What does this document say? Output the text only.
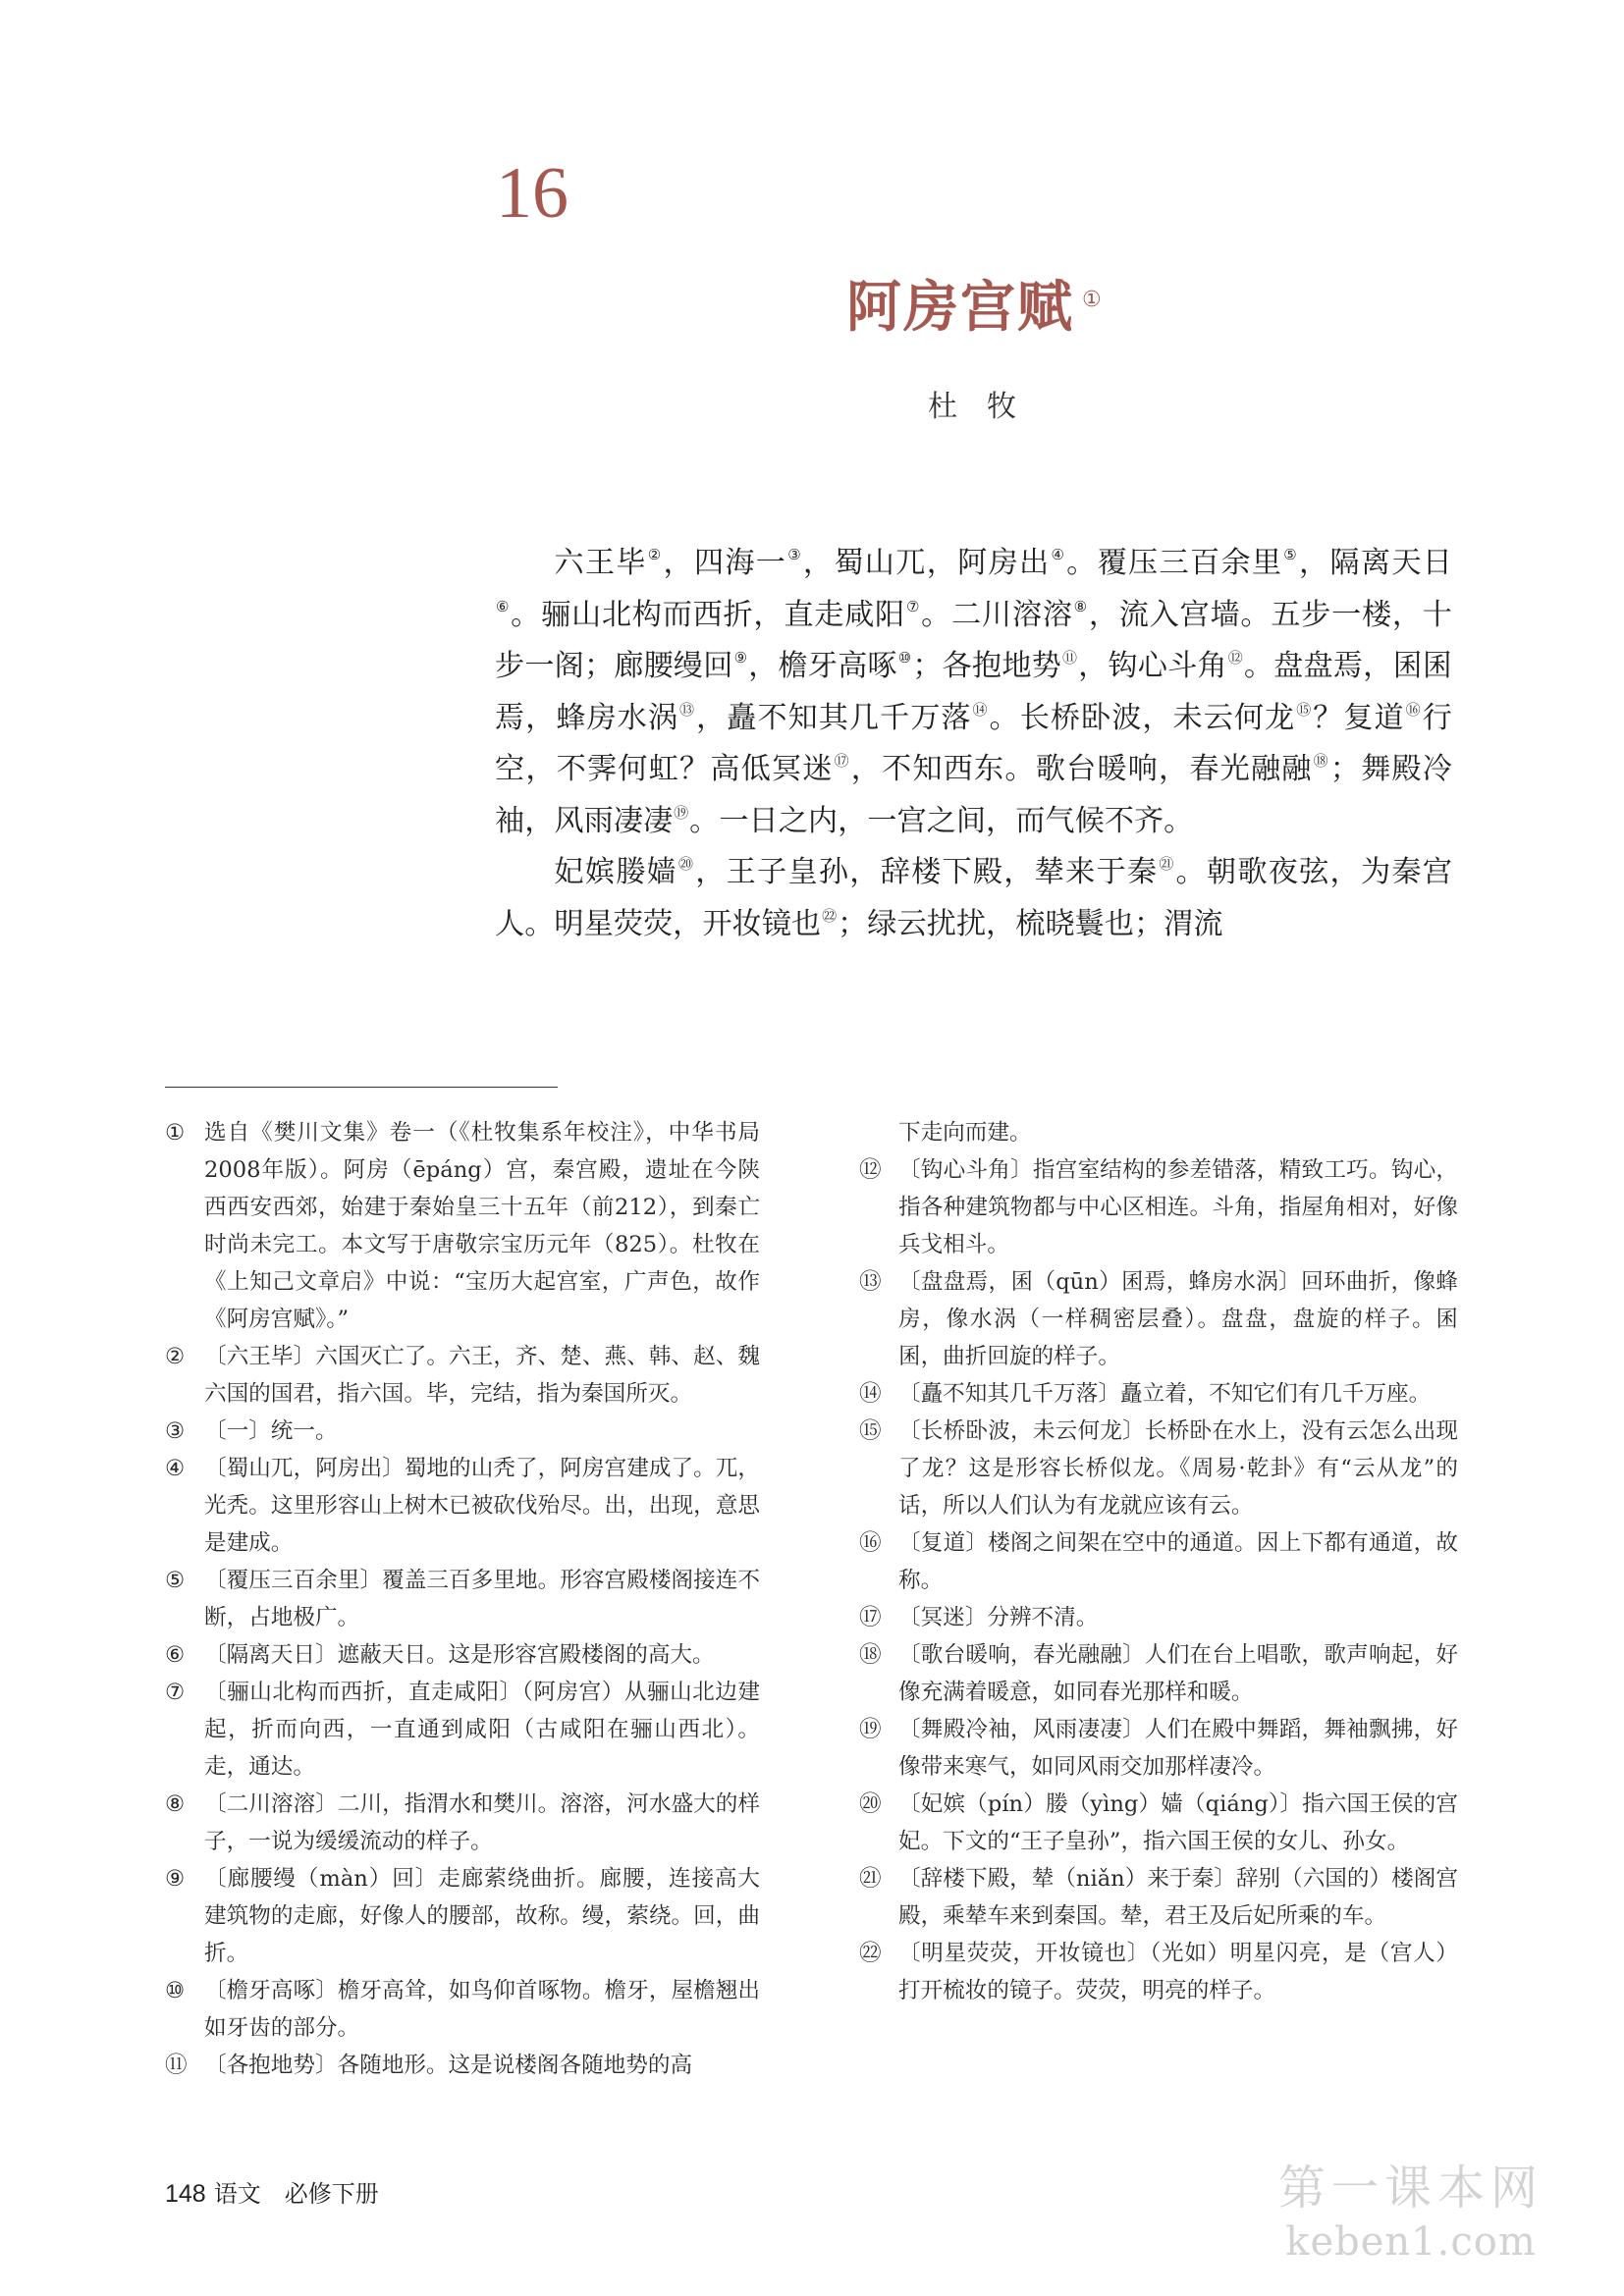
16
阿房宫赋 ①
杜 牧

六王毕②，四海一③，蜀山兀，阿房出④。覆压三百余里⑤，隔离天日⑥。骊山北构而西折，直走咸阳⑦。二川溶溶⑧，流入宫墙。五步一楼，十步一阁；廊腰缦回⑨，檐牙高啄⑩；各抱地势⑪，钩心斗角⑫。盘盘焉，囷囷焉，蜂房水涡⑬，矗不知其几千万落⑭。长桥卧波，未云何龙⑮？复道⑯行空，不霁何虹？高低冥迷⑰，不知西东。歌台暖响，春光融融⑱；舞殿冷袖，风雨凄凄⑲。一日之内，一宫之间，而气候不齐。

妃嫔媵嫱⑳，王子皇孙，辞楼下殿，辇来于秦$^㉑$。朝歌夜弦，为秦宫人。明星荧荧，开妆镜也$^㉒$；绿云扰扰，梳晓鬟也；渭流

① 选自《樊川文集》卷一（《杜牧集系年校注》，中华书局2008年版）。阿房（ēpáng）宫，秦宫殿，遗址在今陕西西安西郊，始建于秦始皇三十五年（前212），到秦亡时尚未完工。本文写于唐敬宗宝历元年（825）。杜牧在《上知己文章启》中说：“宝历大起宫室，广声色，故作《阿房宫赋》。”
② 〔六王毕〕六国灭亡了。六王，齐、楚、燕、韩、赵、魏六国的国君，指六国。毕，完结，指为秦国所灭。
③ 〔一〕统一。
④ 〔蜀山兀，阿房出〕蜀地的山秃了，阿房宫建成了。兀，光秃。这里形容山上树木已被砍伐殆尽。出，出现，意思是建成。
⑤ 〔覆压三百余里〕覆盖三百多里地。形容宫殿楼阁接连不断，占地极广。
⑥ 〔隔离天日〕遮蔽天日。这是形容宫殿楼阁的高大。
⑦ 〔骊山北构而西折，直走咸阳〕（阿房宫）从骊山北边建起，折而向西，一直通到咸阳（古咸阳在骊山西北）。走，通达。
⑧ 〔二川溶溶〕二川，指渭水和樊川。溶溶，河水盛大的样子，一说为缓缓流动的样子。
⑨ 〔廊腰缦（màn）回〕走廊萦绕曲折。廊腰，连接高大建筑物的走廊，好像人的腰部，故称。缦，萦绕。回，曲折。
⑩ 〔檐牙高啄〕檐牙高耸，如鸟仰首啄物。檐牙，屋檐翘出如牙齿的部分。
⑪ 〔各抱地势〕各随地形。这是说楼阁各随地势的高
下走向而建。
⑫ 〔钩心斗角〕指宫室结构的参差错落，精致工巧。钩心，指各种建筑物都与中心区相连。斗角，指屋角相对，好像兵戈相斗。
⑬ 〔盘盘焉，囷（qūn）囷焉，蜂房水涡〕回环曲折，像蜂房，像水涡（一样稠密层叠）。盘盘，盘旋的样子。囷囷，曲折回旋的样子。
⑭ 〔矗不知其几千万落〕矗立着，不知它们有几千万座。
⑮ 〔长桥卧波，未云何龙〕长桥卧在水上，没有云怎么出现了龙？这是形容长桥似龙。《周易·乾卦》有“云从龙”的话，所以人们认为有龙就应该有云。
⑯ 〔复道〕楼阁之间架在空中的通道。因上下都有通道，故称。
⑰ 〔冥迷〕分辨不清。
⑱ 〔歌台暖响，春光融融〕人们在台上唱歌，歌声响起，好像充满着暖意，如同春光那样和暖。
⑲ 〔舞殿冷袖，风雨凄凄〕人们在殿中舞蹈，舞袖飘拂，好像带来寒气，如同风雨交加那样凄冷。
⑳ 〔妃嫔（pín）媵（yìng）嫱（qiáng）〕指六国王侯的宫妃。下文的“王子皇孙”，指六国王侯的女儿、孙女。
㉑ 〔辞楼下殿，辇（niǎn）来于秦〕辞别（六国的）楼阁宫殿，乘辇车来到秦国。辇，君王及后妃所乘的车。
㉒ 〔明星荧荧，开妆镜也〕（光如）明星闪亮，是（宫人）打开梳妆的镜子。荧荧，明亮的样子。
148 语文 必修下册	第一课本网
keben1.com
